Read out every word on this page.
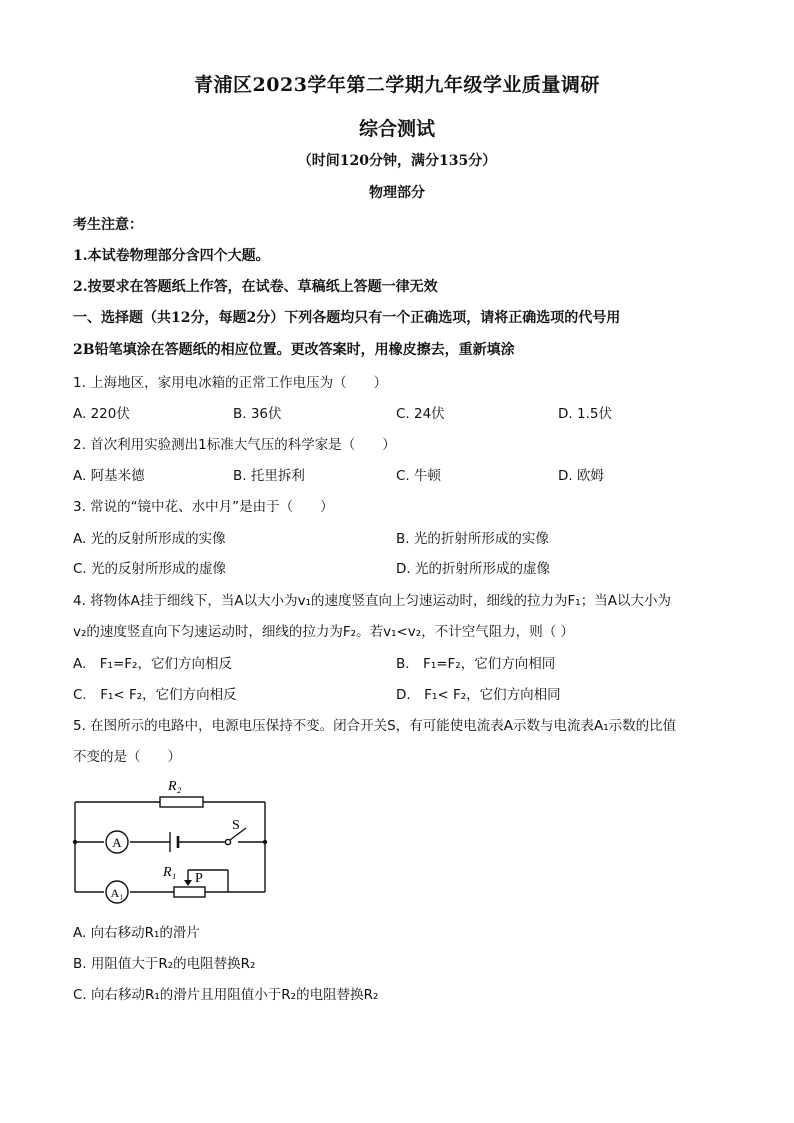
青浦区2023学年第二学期九年级学业质量调研
综合测试
（时间120分钟，满分135分）
物理部分
考生注意：
1.本试卷物理部分含四个大题。
2.按要求在答题纸上作答，在试卷、草稿纸上答题一律无效
一、选择题（共12分，每题2分）下列各题均只有一个正确选项，请将正确选项的代号用
2B铅笔填涂在答题纸的相应位置。更改答案时，用橡皮擦去，重新填涂
1. 上海地区，家用电冰箱的正常工作电压为（　　）
A. 220伏	B. 36伏	C. 24伏	D. 1.5伏
2. 首次利用实验测出1标准大气压的科学家是（　　）
A. 阿基米德	B. 托里拆利	C. 牛顿	D. 欧姆
3. 常说的“镜中花、水中月”是由于（　　）
A. 光的反射所形成的实像	B. 光的折射所形成的实像
C. 光的反射所形成的虚像	D. 光的折射所形成的虚像
4. 将物体A挂于细线下，当A以大小为v₁的速度竖直向上匀速运动时，细线的拉力为F₁；当A以大小为
v₂的速度竖直向下匀速运动时，细线的拉力为F₂。若v₁<v₂，不计空气阻力，则（ ）
A.　F₁=F₂，它们方向相反	B.　F₁=F₂，它们方向相同
C.　F₁< F₂，它们方向相反	D.　F₁< F₂，它们方向相同
5. 在图所示的电路中，电源电压保持不变。闭合开关S，有可能使电流表A示数与电流表A₁示数的比值
不变的是（　　）
A
A₁
R₂
S
R₁ P
A. 向右移动R₁的滑片
B. 用阻值大于R₂的电阻替换R₂
C. 向右移动R₁的滑片且用阻值小于R₂的电阻替换R₂
